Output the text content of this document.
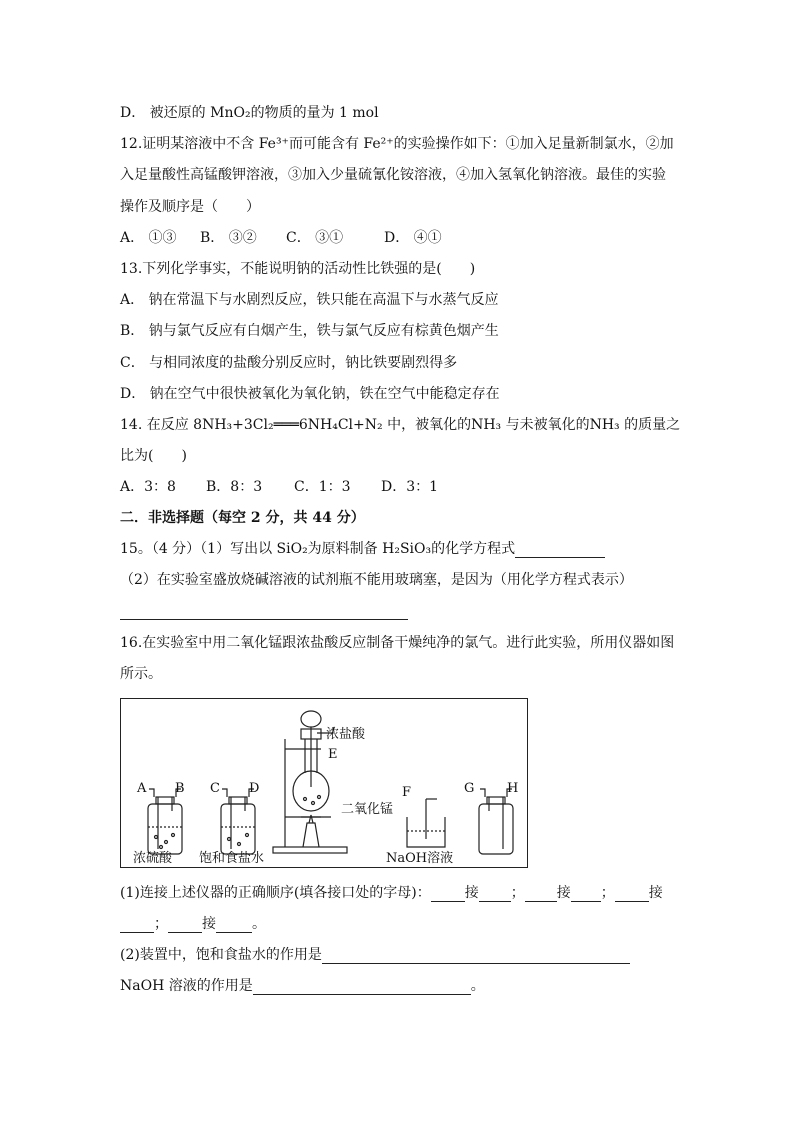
D． 被还原的 MnO₂的物质的量为 1 mol
12.证明某溶液中不含 Fe³⁺而可能含有 Fe²⁺的实验操作如下：①加入足量新制氯水，②加
入足量酸性高锰酸钾溶液，③加入少量硫氰化铵溶液，④加入氢氧化钠溶液。最佳的实验
操作及顺序是（　　）
A． ①③ B． ③② C． ③①	D． ④①
13.下列化学事实，不能说明钠的活动性比铁强的是(　　)
A． 钠在常温下与水剧烈反应，铁只能在高温下与水蒸气反应
B． 钠与氯气反应有白烟产生，铁与氯气反应有棕黄色烟产生
C． 与相同浓度的盐酸分别反应时，钠比铁要剧烈得多
D． 钠在空气中很快被氧化为氧化钠，铁在空气中能稳定存在
14. 在反应 8NH₃+3Cl₂═══6NH₄Cl+N₂ 中，被氧化的NH₃ 与未被氧化的NH₃ 的质量之
比为(　　)
A．3：8 B．8：3 C．1：3 D．3：1
二．非选择题（每空 2 分，共 44 分）
15。（4 分）（1）写出以 SiO₂为原料制备 H₂SiO₃的化学方程式
（2）在实验室盛放烧碱溶液的试剂瓶不能用玻璃塞，是因为（用化学方程式表示）
16.在实验室中用二氧化锰跟浓盐酸反应制备干燥纯净的氯气。进行此实验，所用仪器如图
所示。
A B C D
E
F	G	H
浓盐酸
二氧化锰
浓硫酸 饱和食盐水	NaOH溶液
(1)连接上述仪器的正确顺序(填各接口处的字母)： 接 ； 接 ； 接
； 接	。
(2)装置中，饱和食盐水的作用是
NaOH 溶液的作用是	。
